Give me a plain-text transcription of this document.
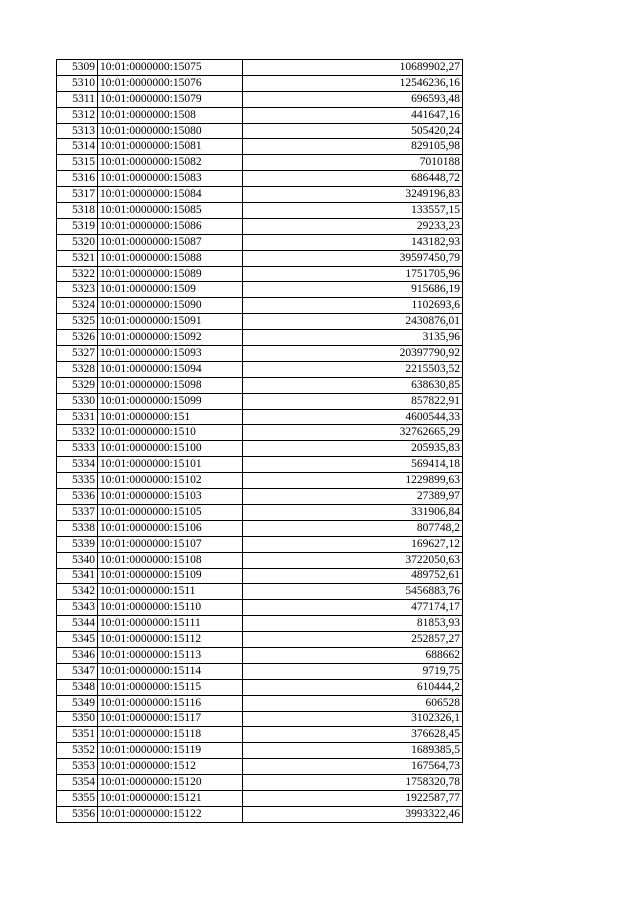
5309	10:01:0000000:15075	10689902,27
5310	10:01:0000000:15076	12546236,16
5311	10:01:0000000:15079	696593,48
5312	10:01:0000000:1508	441647,16
5313	10:01:0000000:15080	505420,24
5314	10:01:0000000:15081	829105,98
5315	10:01:0000000:15082	7010188
5316	10:01:0000000:15083	686448,72
5317	10:01:0000000:15084	3249196,83
5318	10:01:0000000:15085	133557,15
5319	10:01:0000000:15086	29233,23
5320	10:01:0000000:15087	143182,93
5321	10:01:0000000:15088	39597450,79
5322	10:01:0000000:15089	1751705,96
5323	10:01:0000000:1509	915686,19
5324	10:01:0000000:15090	1102693,6
5325	10:01:0000000:15091	2430876,01
5326	10:01:0000000:15092	3135,96
5327	10:01:0000000:15093	20397790,92
5328	10:01:0000000:15094	2215503,52
5329	10:01:0000000:15098	638630,85
5330	10:01:0000000:15099	857822,91
5331	10:01:0000000:151	4600544,33
5332	10:01:0000000:1510	32762665,29
5333	10:01:0000000:15100	205935,83
5334	10:01:0000000:15101	569414,18
5335	10:01:0000000:15102	1229899,63
5336	10:01:0000000:15103	27389,97
5337	10:01:0000000:15105	331906,84
5338	10:01:0000000:15106	807748,2
5339	10:01:0000000:15107	169627,12
5340	10:01:0000000:15108	3722050,63
5341	10:01:0000000:15109	489752,61
5342	10:01:0000000:1511	5456883,76
5343	10:01:0000000:15110	477174,17
5344	10:01:0000000:15111	81853,93
5345	10:01:0000000:15112	252857,27
5346	10:01:0000000:15113	688662
5347	10:01:0000000:15114	9719,75
5348	10:01:0000000:15115	610444,2
5349	10:01:0000000:15116	606528
5350	10:01:0000000:15117	3102326,1
5351	10:01:0000000:15118	376628,45
5352	10:01:0000000:15119	1689385,5
5353	10:01:0000000:1512	167564,73
5354	10:01:0000000:15120	1758320,78
5355	10:01:0000000:15121	1922587,77
5356	10:01:0000000:15122	3993322,46
